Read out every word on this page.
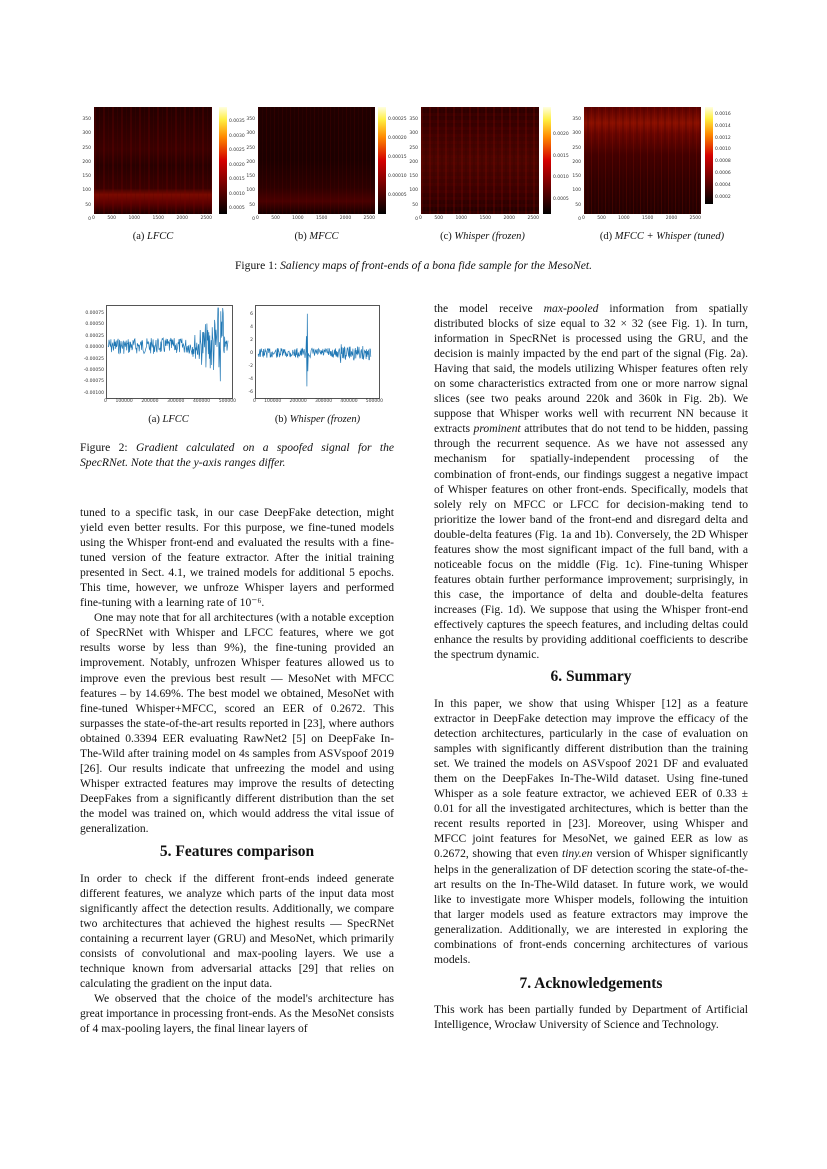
0.0035
0.0030
0.0025
0.0020
0.0015
0.0010
0.0005
350
300
250
200
150
100
50
0 0	500	1000	1500	2000	2500
(a) LFCC
0.00025
0.00020
0.00015
0.00010
0.00005
350
300
250
200
150
100
50
0 0	500	1000	1500	2000	2500
(b) MFCC
0.0020
0.0015
0.0010
0.0005
350
300
250
200
150
100
50
0 0	500	1000	1500	2000	2500
(c) Whisper (frozen)
0.0016
0.0014
0.0012
0.0010
0.0008
0.0006
0.0004
0.0002
350
300
250
200
150
100
50
0 0	500	1000	1500	2000	2500
(d) MFCC + Whisper (tuned)
Figure 1: Saliency maps of front-ends of a bona fide sample for the MesoNet.
0.00075
0.00050
0.00025
0.00000
-0.00025
-0.00050
-0.00075
-0.00100
0 100000 200000 300000 400000 500000
(a) LFCC
6
4
2
0
-2
-4
-6
0 100000 200000 300000 400000 500000
(b) Whisper (frozen)
Figure 2: Gradient calculated on a spoofed signal for the SpecRNet. Note that the y-axis ranges differ.

tuned to a specific task, in our case DeepFake detection, might yield even better results. For this purpose, we fine-tuned models using the Whisper front-end and evaluated the results with a fine-tuned version of the feature extractor. After the initial training presented in Sect. 4.1, we trained models for additional 5 epochs. This time, however, we unfroze Whisper layers and performed fine-tuning with a learning rate of 10⁻⁶.

One may note that for all architectures (with a notable exception of SpecRNet with Whisper and LFCC features, where we got results worse by less than 9%), the fine-tuning provided an improvement. Notably, unfrozen Whisper features allowed us to improve even the previous best result — MesoNet with MFCC features – by 14.69%. The best model we obtained, MesoNet with fine-tuned Whisper+MFCC, scored an EER of 0.2672. This surpasses the state-of-the-art results reported in [23], where authors obtained 0.3394 EER evaluating RawNet2 [5] on DeepFake In-The-Wild after training model on 4s samples from ASVspoof 2019 [26]. Our results indicate that unfreezing the model and using Whisper extracted features may improve the results of detecting DeepFakes from a significantly different distribution than the set the model was trained on, which would address the vital issue of generalization.

5. Features comparison

In order to check if the different front-ends indeed generate different features, we analyze which parts of the input data most significantly affect the detection results. Additionally, we compare two architectures that achieved the highest results — SpecRNet containing a recurrent layer (GRU) and MesoNet, which primarily consists of convolutional and max-pooling layers. We use a technique known from adversarial attacks [29] that relies on calculating the gradient on the input data.

We observed that the choice of the model's architecture has great importance in processing front-ends. As the MesoNet consists of 4 max-pooling layers, the final linear layers of

the model receive max-pooled information from spatially distributed blocks of size equal to 32 × 32 (see Fig. 1). In turn, information in SpecRNet is processed using the GRU, and the decision is mainly impacted by the end part of the signal (Fig. 2a). Having that said, the models utilizing Whisper features often rely on some characteristics extracted from one or more narrow signal slices (see two peaks around 220k and 360k in Fig. 2b). We suppose that Whisper works well with recurrent NN because it extracts prominent attributes that do not tend to be hidden, passing through the recurrent sequence. As we have not assessed any mechanism for spatially-independent processing of the combination of front-ends, our findings suggest a negative impact of Whisper features on other front-ends. Specifically, models that solely rely on MFCC or LFCC for decision-making tend to prioritize the lower band of the front-end and disregard delta and double-delta features (Fig. 1a and 1b). Conversely, the 2D Whisper features show the most significant impact of the full band, with a noticeable focus on the middle (Fig. 1c). Fine-tuning Whisper features obtain further performance improvement; surprisingly, in this case, the importance of delta and double-delta features increases (Fig. 1d). We suppose that using the Whisper front-end effectively captures the speech features, and including deltas could enhance the results by providing additional coefficients to describe the spectrum dynamic.

6. Summary

In this paper, we show that using Whisper [12] as a feature extractor in DeepFake detection may improve the efficacy of the detection architectures, particularly in the case of evaluation on samples with significantly different distribution than the training set. We trained the models on ASVspoof 2021 DF and evaluated them on the DeepFakes In-The-Wild dataset. Using fine-tuned Whisper as a sole feature extractor, we achieved EER of 0.33 ± 0.01 for all the investigated architectures, which is better than the recent results reported in [23]. Moreover, using Whisper and MFCC joint features for MesoNet, we gained EER as low as 0.2672, showing that even tiny.en version of Whisper significantly helps in the generalization of DF detection scoring the state-of-the-art results on the In-The-Wild dataset. In future work, we would like to investigate more Whisper models, following the intuition that larger models used as feature extractors may improve the generalization. Additionally, we are interested in exploring the combinations of front-ends concerning architectures of various models.

7. Acknowledgements

This work has been partially funded by Department of Artificial Intelligence, Wrocław University of Science and Technology.
